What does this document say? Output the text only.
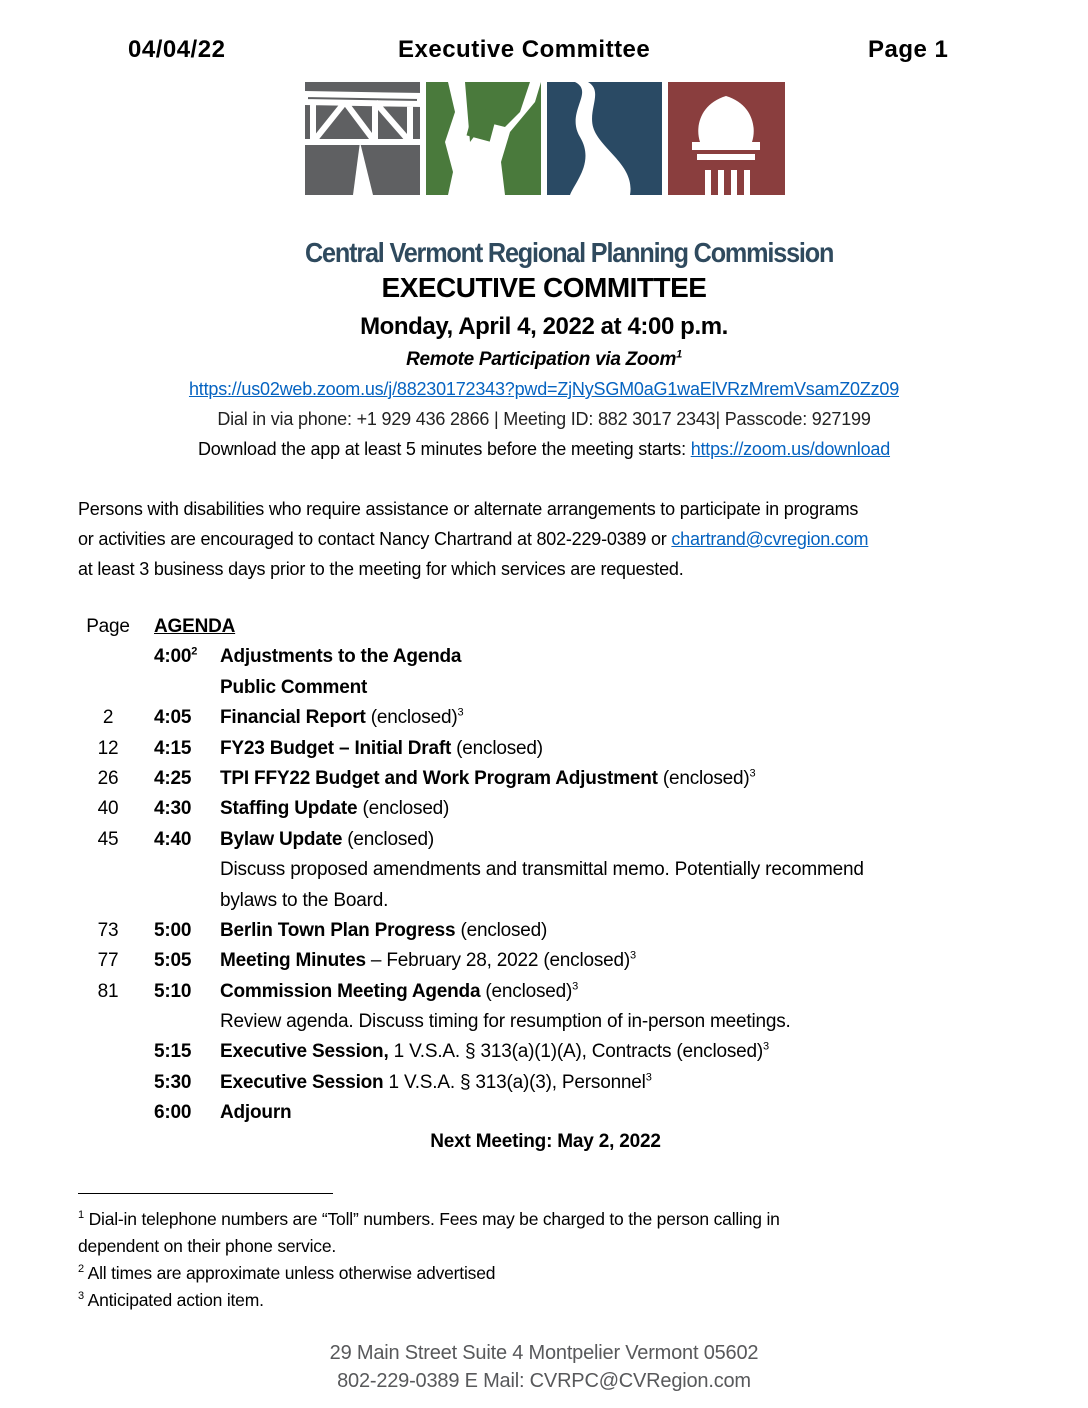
04/04/22	Executive Committee	Page 1
Central Vermont Regional Planning Commission
EXECUTIVE COMMITTEE
Monday, April 4, 2022 at 4:00 p.m.
Remote Participation via Zoom$^1$
https://us02web.zoom.us/j/88230172343?pwd=ZjNySGM0aG1waElVRzMremVsamZ0Zz09
Dial in via phone: +1 929 436 2866 | Meeting ID: 882 3017 2343| Passcode: 927199
Download the app at least 5 minutes before the meeting starts: https://zoom.us/download
Persons with disabilities who require assistance or alternate arrangements to participate in programs
or activities are encouraged to contact Nancy Chartrand at 802-229-0389 or chartrand@cvregion.com
at least 3 business days prior to the meeting for which services are requested.
Page	AGENDA
$4:00^2$ Adjustments to the Agenda
Public Comment
2	4:05 Financial Report (enclosed)$^3$
12	4:15 FY23 Budget – Initial Draft (enclosed)
26	4:25 TPI FFY22 Budget and Work Program Adjustment (enclosed)$^3$
40	4:30 Staffing Update (enclosed)
45	4:40 Bylaw Update (enclosed)
Discuss proposed amendments and transmittal memo. Potentially recommend
bylaws to the Board.
73	5:00 Berlin Town Plan Progress (enclosed)
77	5:05 Meeting Minutes – February 28, 2022 (enclosed)$^3$
81	5:10 Commission Meeting Agenda (enclosed)$^3$
Review agenda. Discuss timing for resumption of in-person meetings.
5:15 Executive Session, 1 V.S.A. § 313(a)(1)(A), Contracts (enclosed)$^3$
5:30 Executive Session 1 V.S.A. § 313(a)(3), Personnel$^3$
6:00 Adjourn
Next Meeting: May 2, 2022
$^1$ Dial-in telephone numbers are “Toll” numbers. Fees may be charged to the person calling in
dependent on their phone service.
$^2$ All times are approximate unless otherwise advertised
$^3$ Anticipated action item.
29 Main Street Suite 4 Montpelier Vermont 05602
802-229-0389 E Mail: CVRPC@CVRegion.com
